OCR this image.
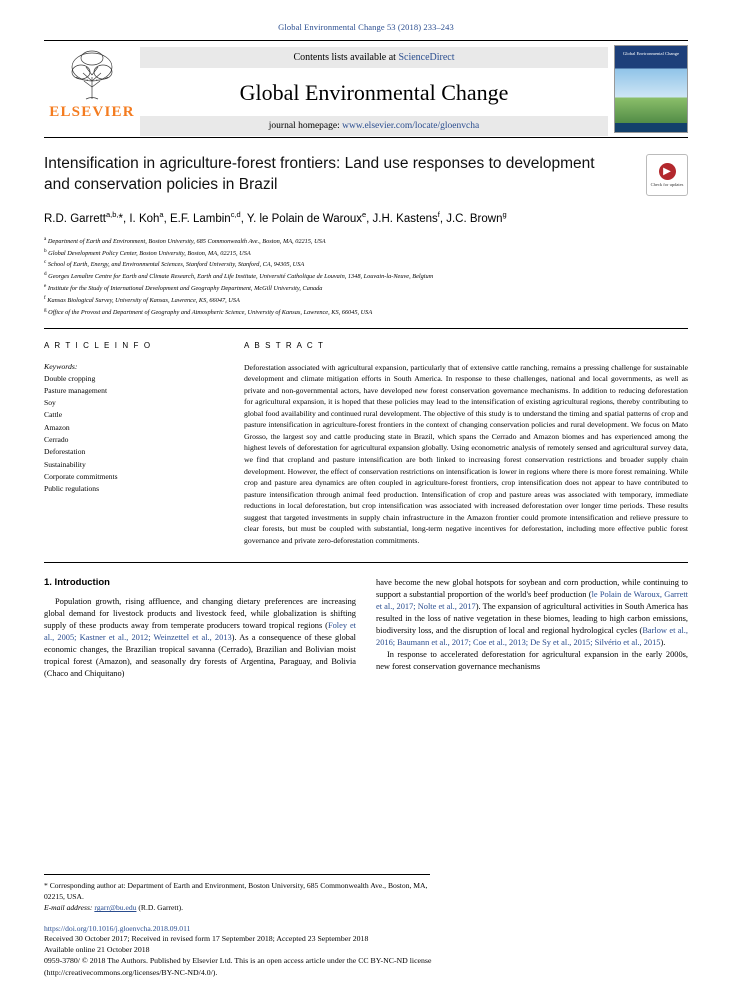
Global Environmental Change 53 (2018) 233–243
ELSEVIER
Contents lists available at ScienceDirect
Global Environmental Change
journal homepage: www.elsevier.com/locate/gloenvcha
Global Environmental Change
Intensification in agriculture-forest frontiers: Land use responses to development and conservation policies in Brazil
▶
Check for updates
R.D. Garrett$^{a,b,}$*, I. Koh$^a$, E.F. Lambin$^{c,d}$, Y. le Polain de Waroux$^e$, J.H. Kastens$^f$, J.C. Brown$^g$
$^a$ Department of Earth and Environment, Boston University, 685 Commonwealth Ave., Boston, MA, 02215, USA
$^b$ Global Development Policy Center, Boston University, Boston, MA, 02215, USA
$^c$ School of Earth, Energy, and Environmental Sciences, Stanford University, Stanford, CA, 94305, USA
$^d$ Georges Lemaître Centre for Earth and Climate Research, Earth and Life Institute, Université Catholique de Louvain, 1348, Louvain-la-Neuve, Belgium
$^e$ Institute for the Study of International Development and Geography Department, McGill University, Canada
$^f$ Kansas Biological Survey, University of Kansas, Lawrence, KS, 66047, USA
$^g$ Office of the Provost and Department of Geography and Atmospheric Science, University of Kansas, Lawrence, KS, 66045, USA
A R T I C L E I N F O
Keywords:
Double cropping
Pasture management
Soy
Cattle
Amazon
Cerrado
Deforestation
Sustainability
Corporate commitments
Public regulations
A B S T R A C T
Deforestation associated with agricultural expansion, particularly that of extensive cattle ranching, remains a pressing challenge for sustainable development and climate mitigation efforts in South America. In response to these challenges, national and local governments, as well as private and non-governmental actors, have developed new forest conservation governance mechanisms. In addition to reducing deforestation for agricultural expansion, it is hoped that these policies may lead to the intensification of existing agricultural regions, thereby contributing to global food availability and continued rural development. The objective of this study is to understand the timing and spatial patterns of crop and pasture intensification in agriculture-forest frontiers in the context of changing conservation policies and rural development. We focus on Mato Grosso, the largest soy and cattle producing state in Brazil, which spans the Cerrado and Amazon biomes and has experienced among the highest levels of deforestation for agricultural expansion globally. Using econometric analysis of remotely sensed and agricultural survey data, we find that cropland and pasture intensification are both linked to increasing forest conservation restrictions and broader supply chain development. However, the effect of conservation restrictions on intensification is lower in regions where there is more forest remaining. While crop and pasture area dynamics are often coupled in agriculture-forest frontiers, crop intensification does not appear to have contributed to pasture intensification through animal feed production. Intensification of crop and pasture areas was associated with temporary, immediate reductions in local deforestation, but crop intensification was associated with increased deforestation over longer time periods. These results suggest that targeted investments in supply chain infrastructure in the Amazon frontier could promote intensification and relieve pressure to clear forests, but must be coupled with substantial, long-term negative incentives for deforestation, including more effective public forest governance and private zero-deforestation commitments.
1. Introduction

Population growth, rising affluence, and changing dietary preferences are increasing global demand for livestock products and livestock feed, while globalization is shifting supply of these products away from temperate producers toward tropical regions (Foley et al., 2005; Kastner et al., 2012; Weinzettel et al., 2013). As a consequence of these global economic changes, the Brazilian tropical savanna (Cerrado), Brazilian and Bolivian moist tropical forest (Amazon), and seasonally dry forests of Argentina, Paraguay, and Bolivia (Chaco and Chiquitano)

have become the new global hotspots for soybean and corn production, while continuing to support a substantial proportion of the world's beef production (le Polain de Waroux, Garrett et al., 2017; Nolte et al., 2017). The expansion of agricultural activities in South America has resulted in the loss of native vegetation in these biomes, leading to high carbon emissions, biodiversity loss, and the disruption of local and regional hydrological cycles (Barlow et al., 2016; Baumann et al., 2017; Coe et al., 2013; De Sy et al., 2015; Silvério et al., 2015).

In response to accelerated deforestation for agricultural expansion in the early 2000s, new forest conservation governance mechanisms

* Corresponding author at: Department of Earth and Environment, Boston University, 685 Commonwealth Ave., Boston, MA, 02215, USA.
E-mail address: rgarr@bu.edu (R.D. Garrett).
https://doi.org/10.1016/j.gloenvcha.2018.09.011
Received 30 October 2017; Received in revised form 17 September 2018; Accepted 23 September 2018
Available online 21 October 2018
0959-3780/ © 2018 The Authors. Published by Elsevier Ltd. This is an open access article under the CC BY-NC-ND license
(http://creativecommons.org/licenses/BY-NC-ND/4.0/).
